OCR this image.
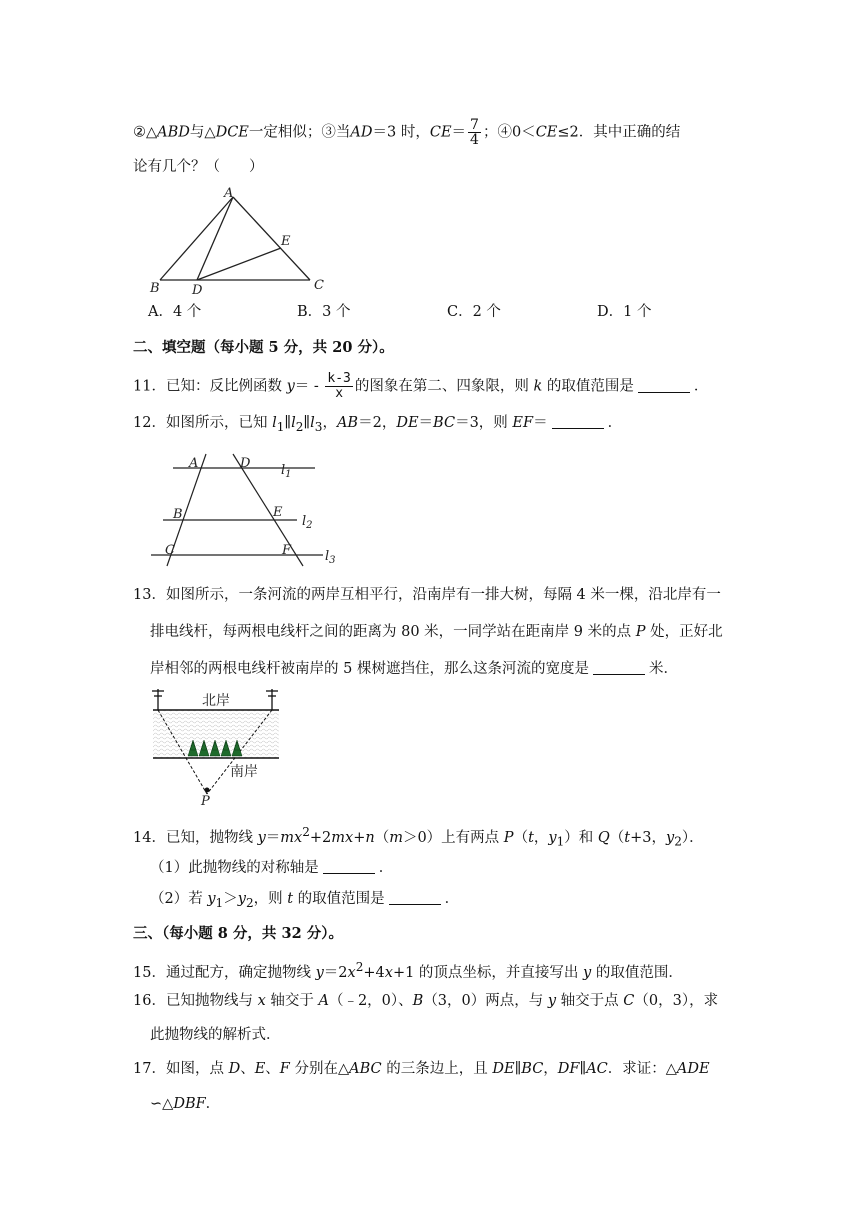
②△ABD与△DCE一定相似；③当AD＝3 时，$CE= \frac{7}{4}$ ；④0＜CE≤2．其中正确的结
论有几个？（　　）
A
E
B D	C
A．4 个	B．3 个	C．2 个	D．1 个
二、填空题（每小题 5 分，共 20 分）。
11．已知：反比例函数 $y= - \frac{k-3}{x}$ 的图象在第二、四象限，则 k 的取值范围是	．
12．如图所示，已知 $l_1\parallel l_2\parallel l_3$，AB＝2，DE＝BC＝3，则 EF＝	．
A	D
B	E
C	F
$l_1$
$l_2$
$l_3$
13．如图所示，一条河流的两岸互相平行，沿南岸有一排大树，每隔 4 米一棵，沿北岸有一
排电线杆，每两根电线杆之间的距离为 80 米，一同学站在距南岸 9 米的点 P 处，正好北
岸相邻的两根电线杆被南岸的 5 棵树遮挡住，那么这条河流的宽度是	米．
北岸
南岸
P
14．已知，抛物线 $y=mx^2+2mx+n(m>0)$上有两点 P（t，$y_1$）和 Q（t+3，$y_2$）．
（1）此抛物线的对称轴是	．
（2）若 $y_1>y_2$，则 t 的取值范围是	．
三、（每小题 8 分，共 32 分）。
15．通过配方，确定抛物线 $y=2x^2+4x+1$ 的顶点坐标，并直接写出 y 的取值范围．
16．已知抛物线与 x 轴交于 A（﹣2，0）、B（3，0）两点，与 y 轴交于点 C（0，3），求
此抛物线的解析式．
17．如图，点 D、E、F 分别在△ABC 的三条边上，且 DE∥BC，DF∥AC．求证：△ADE
∽△DBF．
